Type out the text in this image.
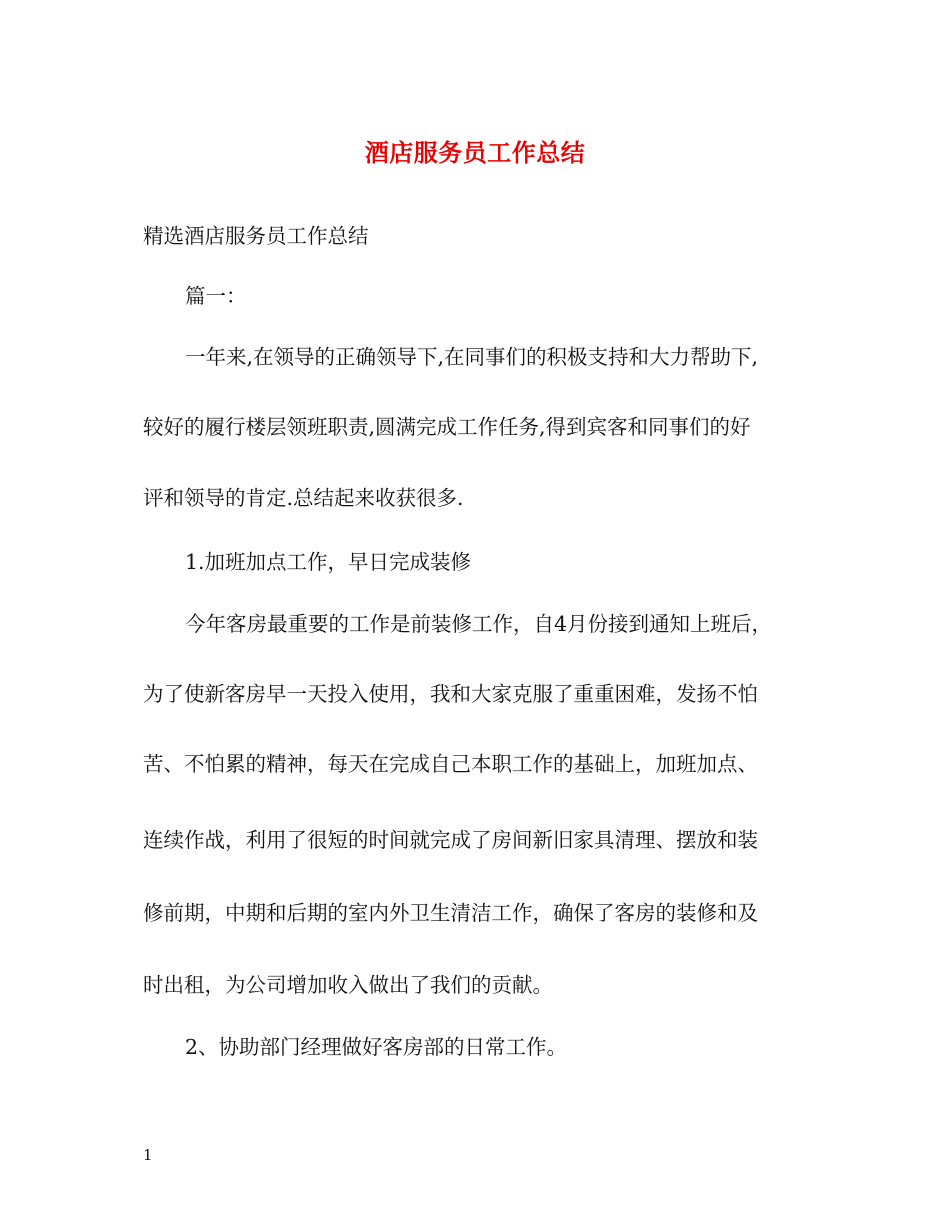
酒店服务员工作总结
精选酒店服务员工作总结
篇一：
一年来,在领导的正确领导下,在同事们的积极支持和大力帮助下,
较好的履行楼层领班职责,圆满完成工作任务,得到宾客和同事们的好
评和领导的肯定.总结起来收获很多.
1.加班加点工作，早日完成装修
今年客房最重要的工作是前装修工作，自4月份接到通知上班后，
为了使新客房早一天投入使用，我和大家克服了重重困难，发扬不怕
苦、不怕累的精神，每天在完成自己本职工作的基础上，加班加点、
连续作战，利用了很短的时间就完成了房间新旧家具清理、摆放和装
修前期，中期和后期的室内外卫生清洁工作，确保了客房的装修和及
时出租，为公司增加收入做出了我们的贡献。
2、协助部门经理做好客房部的日常工作。
1
